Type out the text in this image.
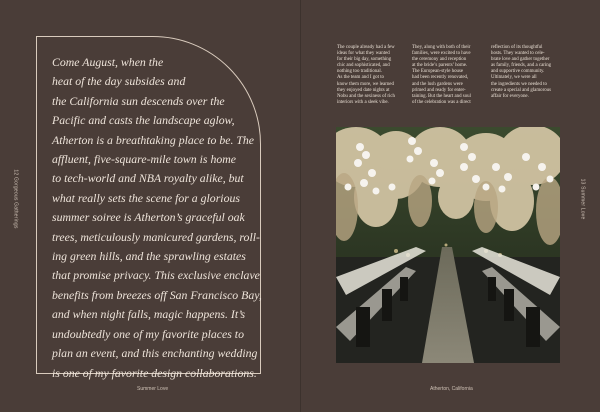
12 Gorgeous Gatherings	13 Summer Love

Come August, when the
heat of the day subsides and
the California sun descends over the
Pacific and casts the landscape aglow,
Atherton is a breathtaking place to be. The
affluent, five-square-mile town is home
to tech-world and NBA royalty alike, but
what really sets the scene for a glorious
summer soiree is Atherton’s graceful oak
trees, meticulously manicured gardens, roll-
ing green hills, and the sprawling estates
that promise privacy. This exclusive enclave
benefits from breezes off San Francisco Bay,
and when night falls, magic happens. It’s
undoubtedly one of my favorite places to
plan an event, and this enchanting wedding
is one of my favorite design collaborations.

Summer Love	Atherton, California
The couple already had a few
ideas for what they wanted
for their big day, something
chic and sophisticated, and
nothing too traditional.
As the team and I got to
know them more, we learned
they enjoyed date nights at
Nobu and the sexiness of rich
interiors with a sleek vibe.
They, along with both of their
families, were excited to have
the ceremony and reception
at the bride’s parents’ home.
The European-style house
had been recently renovated,
and the lush gardens were
primed and ready for enter-
taining. But the heart and soul
of the celebration was a direct
reflection of its thoughtful
hosts. They wanted to cele-
brate love and gather together
as family, friends, and a caring
and supportive community.
Ultimately, we were all
the ingredients we needed to
create a special and glamorous
affair for everyone.
